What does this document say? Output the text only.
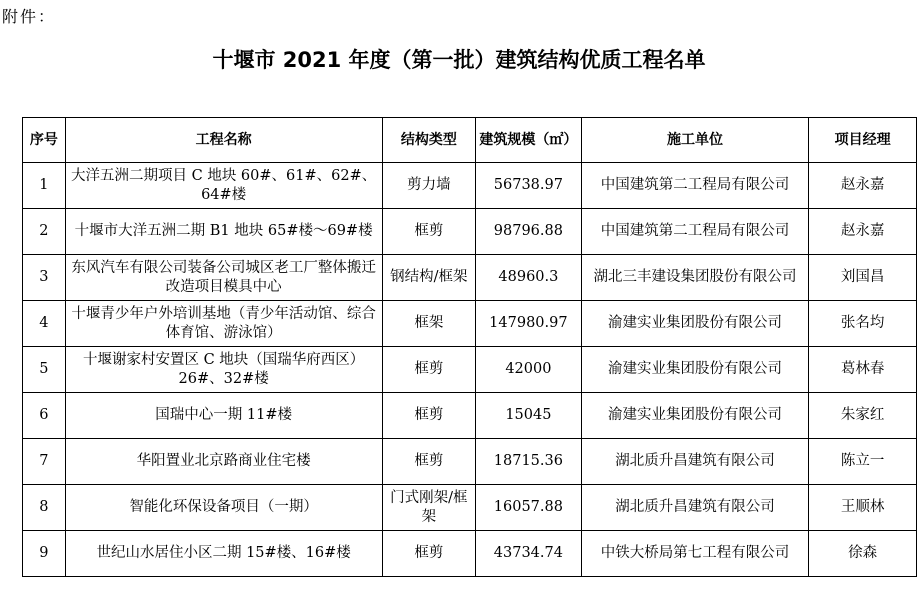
附件：
十堰市 2021 年度（第一批）建筑结构优质工程名单
序号	工程名称	结构类型	建筑规模（㎡）	施工单位	项目经理
1	大洋五洲二期项目 C 地块 60#、61#、62#、64#楼	剪力墙	56738.97	中国建筑第二工程局有限公司	赵永嘉
2	十堰市大洋五洲二期 B1 地块 65#楼～69#楼	框剪	98796.88	中国建筑第二工程局有限公司	赵永嘉
3	东风汽车有限公司装备公司城区老工厂整体搬迁改造项目模具中心	钢结构/框架	48960.3	湖北三丰建设集团股份有限公司	刘国昌
4	十堰青少年户外培训基地（青少年活动馆、综合体育馆、游泳馆）	框架	147980.97	渝建实业集团股份有限公司	张名均
5	十堰谢家村安置区 C 地块（国瑞华府西区）26#、32#楼	框剪	42000	渝建实业集团股份有限公司	葛林春
6	国瑞中心一期 11#楼	框剪	15045	渝建实业集团股份有限公司	朱家红
7	华阳置业北京路商业住宅楼	框剪	18715.36	湖北质升昌建筑有限公司	陈立一
8	智能化环保设备项目（一期）	门式刚架/框架	16057.88	湖北质升昌建筑有限公司	王顺林
9	世纪山水居住小区二期 15#楼、16#楼	框剪	43734.74	中铁大桥局第七工程有限公司	徐森
